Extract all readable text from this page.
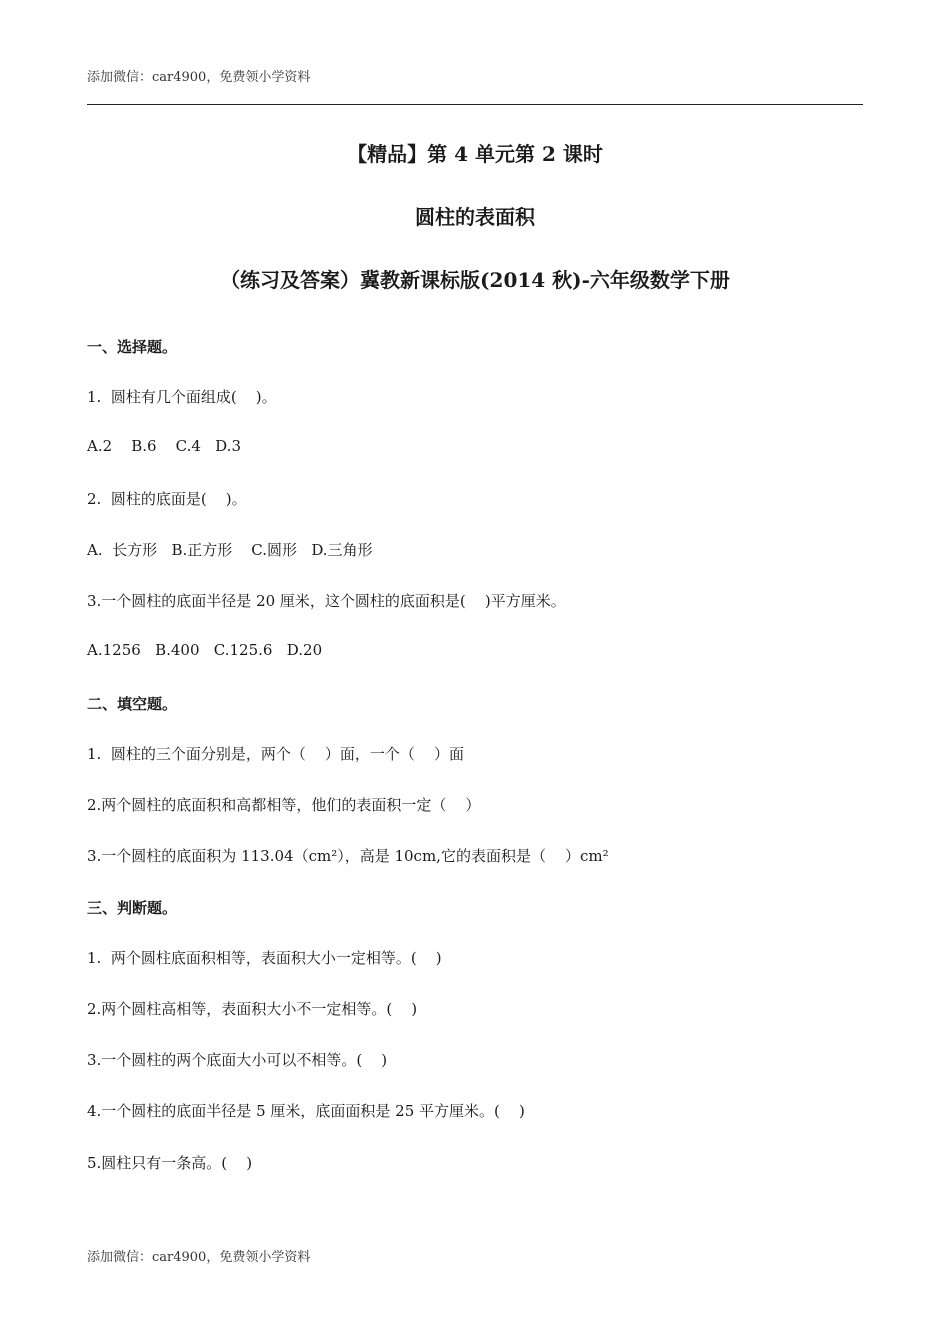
添加微信：car4900，免费领小学资料
【精品】第 4 单元第 2 课时
圆柱的表面积
（练习及答案）冀教新课标版(2014 秋)-六年级数学下册
一、选择题。
1.  圆柱有几个面组成(    )。
A.2    B.6    C.4   D.3
2.  圆柱的底面是(    )。
A.  长方形   B.正方形    C.圆形   D.三角形
3.一个圆柱的底面半径是 20 厘米，这个圆柱的底面积是(    )平方厘米。
A.1256   B.400   C.125.6   D.20
二、填空题。
1.  圆柱的三个面分别是，两个（    ）面，一个（    ）面
2.两个圆柱的底面积和高都相等，他们的表面积一定（    ）
3.一个圆柱的底面积为 113.04（cm²），高是 10cm,它的表面积是（    ）cm²
三、判断题。
1.  两个圆柱底面积相等，表面积大小一定相等。(    )
2.两个圆柱高相等，表面积大小不一定相等。(    )
3.一个圆柱的两个底面大小可以不相等。(    )
4.一个圆柱的底面半径是 5 厘米，底面面积是 25 平方厘米。(    )
5.圆柱只有一条高。(    )
添加微信：car4900，免费领小学资料
